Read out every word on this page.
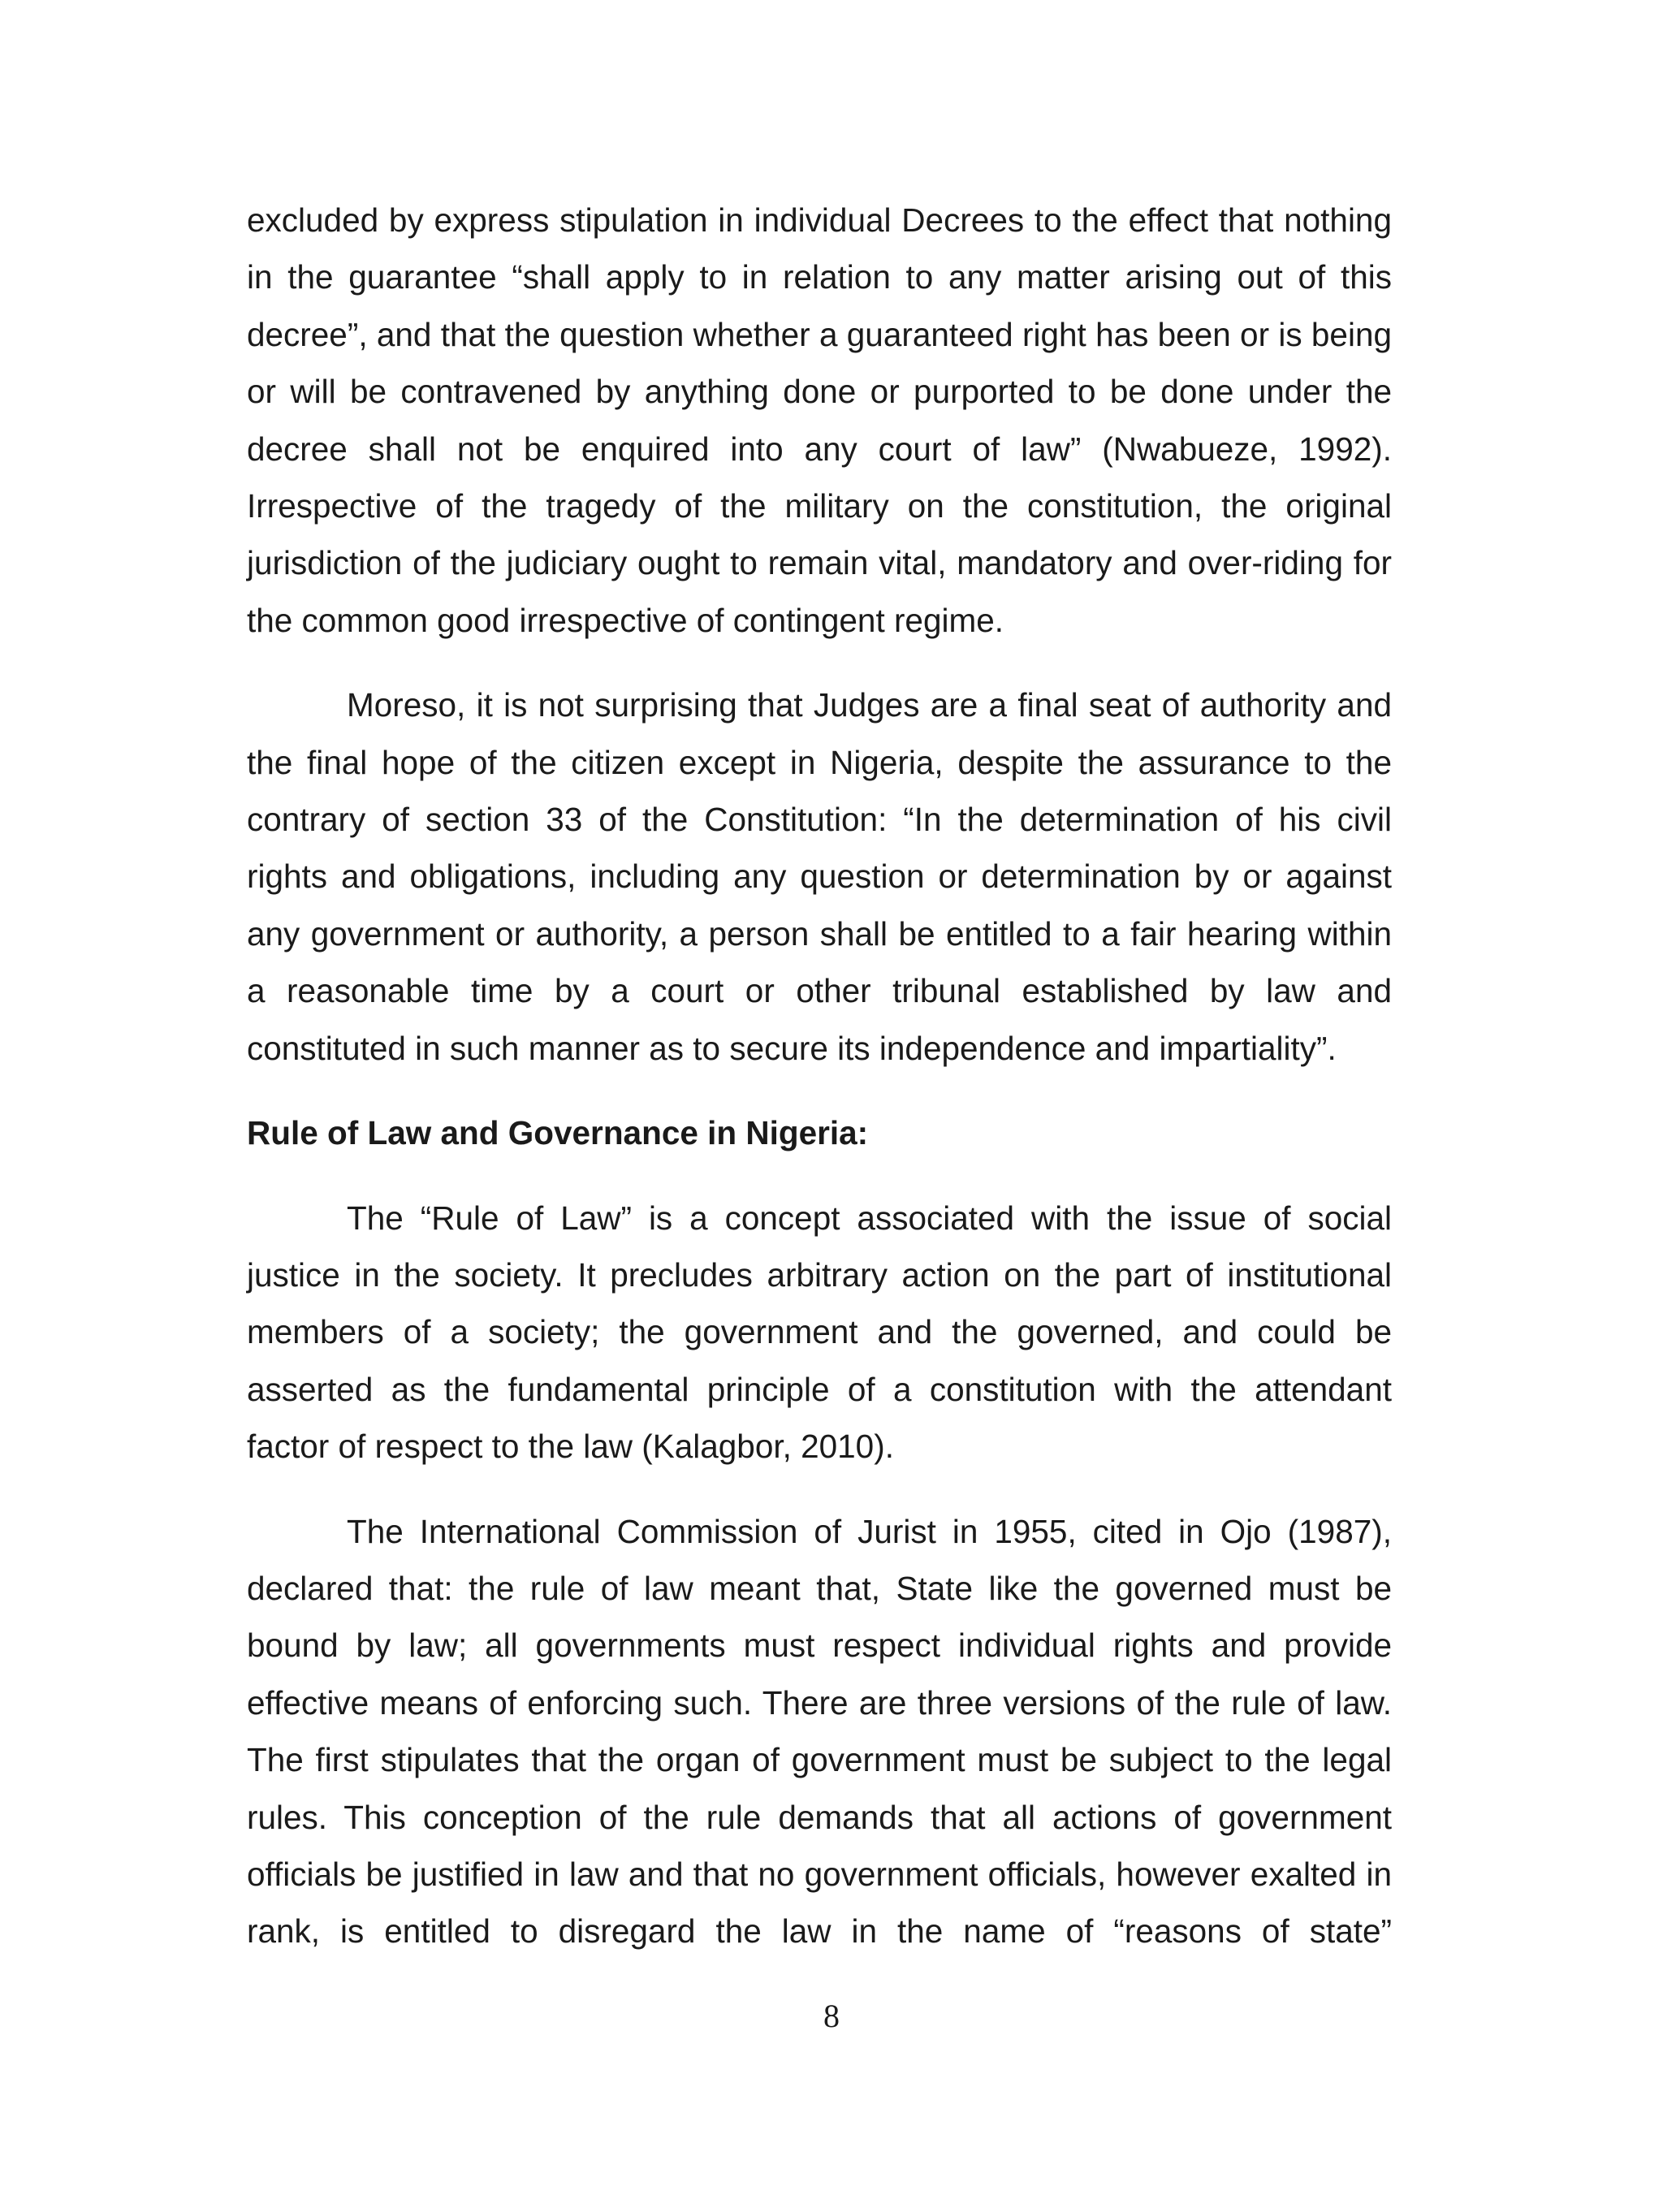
excluded by express stipulation in individual Decrees to the effect that nothing in the guarantee “shall apply to in relation to any matter arising out of this decree”, and that the question whether a guaranteed right has been or is being or will be contravened by anything done or purported to be done under the decree shall not be enquired into any court of law” (Nwabueze, 1992). Irrespective of the tragedy of the military on the constitution, the original jurisdiction of the judiciary ought to remain vital, mandatory and over-riding for the common good irrespective of contingent regime.

Moreso, it is not surprising that Judges are a final seat of authority and the final hope of the citizen except in Nigeria, despite the assurance to the contrary of section 33 of the Constitution: “In the determination of his civil rights and obligations, including any question or determination by or against any government or authority, a person shall be entitled to a fair hearing within a reasonable time by a court or other tribunal established by law and constituted in such manner as to secure its independence and impartiality”.

Rule of Law and Governance in Nigeria:

The “Rule of Law” is a concept associated with the issue of social justice in the society. It precludes arbitrary action on the part of institutional members of a society; the government and the governed, and could be asserted as the fundamental principle of a constitution with the attendant factor of respect to the law (Kalagbor, 2010).

The International Commission of Jurist in 1955, cited in Ojo (1987), declared that: the rule of law meant that, State like the governed must be bound by law; all governments must respect individual rights and provide effective means of enforcing such. There are three versions of the rule of law. The first stipulates that the organ of government must be subject to the legal rules. This conception of the rule demands that all actions of government officials be justified in law and that no government officials, however exalted in rank, is entitled to disregard the law in the name of “reasons of state”

8
